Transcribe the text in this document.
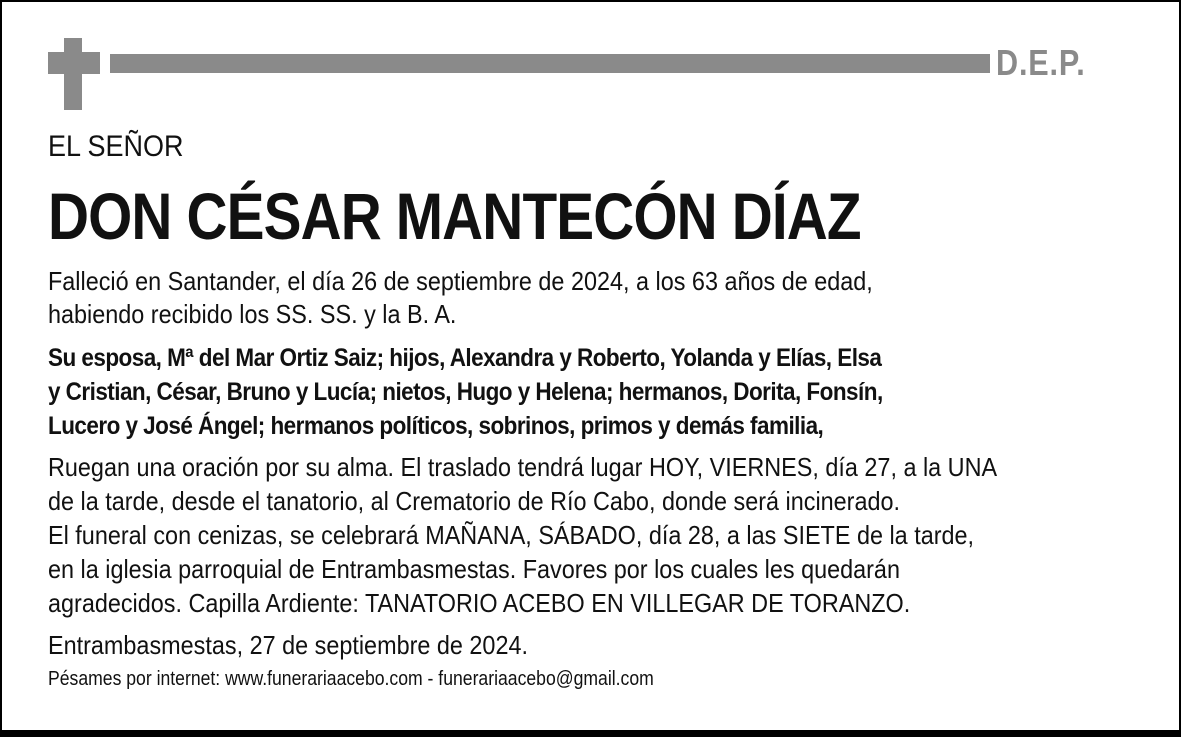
D.E.P.
EL SEÑOR
DON CÉSAR MANTECÓN DÍAZ
Falleció en Santander, el día 26 de septiembre de 2024, a los 63 años de edad,
habiendo recibido los SS. SS. y la B. A.
Su esposa, Mª del Mar Ortiz Saiz; hijos, Alexandra y Roberto, Yolanda y Elías, Elsa
y Cristian, César, Bruno y Lucía; nietos, Hugo y Helena; hermanos, Dorita, Fonsín,
Lucero y José Ángel; hermanos políticos, sobrinos, primos y demás familia,
Ruegan una oración por su alma. El traslado tendrá lugar HOY, VIERNES, día 27, a la UNA
de la tarde, desde el tanatorio, al Crematorio de Río Cabo, donde será incinerado.
El funeral con cenizas, se celebrará MAÑANA, SÁBADO, día 28, a las SIETE de la tarde,
en la iglesia parroquial de Entrambasmestas. Favores por los cuales les quedarán
agradecidos. Capilla Ardiente: TANATORIO ACEBO EN VILLEGAR DE TORANZO.
Entrambasmestas, 27 de septiembre de 2024.
Pésames por internet: www.funerariaacebo.com - funerariaacebo@gmail.com
